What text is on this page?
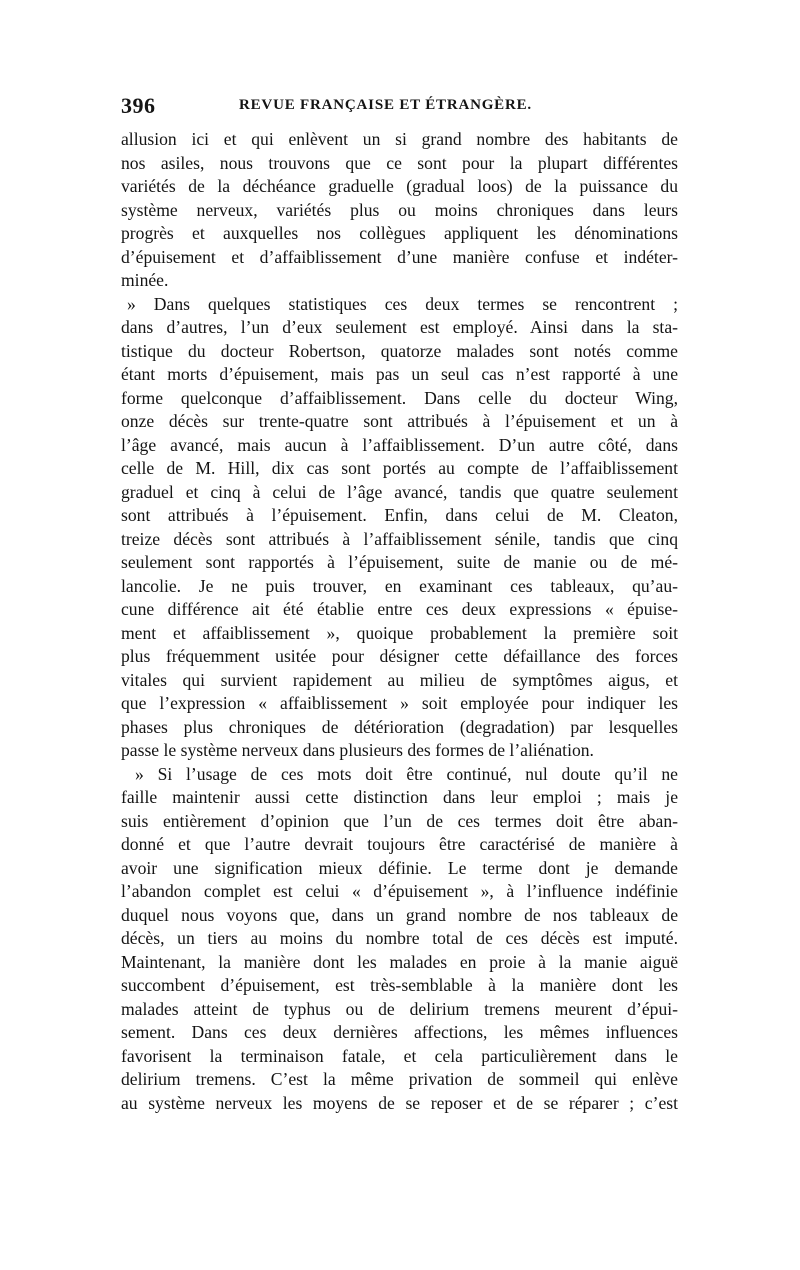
396	REVUE FRANÇAISE ET ÉTRANGÈRE.
allusion ici et qui enlèvent un si grand nombre des habitants de
nos asiles, nous trouvons que ce sont pour la plupart différentes
variétés de la déchéance graduelle (gradual loos) de la puissance du
système nerveux, variétés plus ou moins chroniques dans leurs
progrès et auxquelles nos collègues appliquent les dénominations
d’épuisement et d’affaiblissement d’une manière confuse et indéter-
minée.
» Dans quelques statistiques ces deux termes se rencontrent ;
dans d’autres, l’un d’eux seulement est employé. Ainsi dans la sta-
tistique du docteur Robertson, quatorze malades sont notés comme
étant morts d’épuisement, mais pas un seul cas n’est rapporté à une
forme quelconque d’affaiblissement. Dans celle du docteur Wing,
onze décès sur trente-quatre sont attribués à l’épuisement et un à
l’âge avancé, mais aucun à l’affaiblissement. D’un autre côté, dans
celle de M. Hill, dix cas sont portés au compte de l’affaiblissement
graduel et cinq à celui de l’âge avancé, tandis que quatre seulement
sont attribués à l’épuisement. Enfin, dans celui de M. Cleaton,
treize décès sont attribués à l’affaiblissement sénile, tandis que cinq
seulement sont rapportés à l’épuisement, suite de manie ou de mé-
lancolie. Je ne puis trouver, en examinant ces tableaux, qu’au-
cune différence ait été établie entre ces deux expressions « épuise-
ment et affaiblissement », quoique probablement la première soit
plus fréquemment usitée pour désigner cette défaillance des forces
vitales qui survient rapidement au milieu de symptômes aigus, et
que l’expression « affaiblissement » soit employée pour indiquer les
phases plus chroniques de détérioration (degradation) par lesquelles
passe le système nerveux dans plusieurs des formes de l’aliénation.
» Si l’usage de ces mots doit être continué, nul doute qu’il ne
faille maintenir aussi cette distinction dans leur emploi ; mais je
suis entièrement d’opinion que l’un de ces termes doit être aban-
donné et que l’autre devrait toujours être caractérisé de manière à
avoir une signification mieux définie. Le terme dont je demande
l’abandon complet est celui « d’épuisement », à l’influence indéfinie
duquel nous voyons que, dans un grand nombre de nos tableaux de
décès, un tiers au moins du nombre total de ces décès est imputé.
Maintenant, la manière dont les malades en proie à la manie aiguë
succombent d’épuisement, est très-semblable à la manière dont les
malades atteint de typhus ou de delirium tremens meurent d’épui-
sement. Dans ces deux dernières affections, les mêmes influences
favorisent la terminaison fatale, et cela particulièrement dans le
delirium tremens. C’est la même privation de sommeil qui enlève
au système nerveux les moyens de se reposer et de se réparer ; c’est
